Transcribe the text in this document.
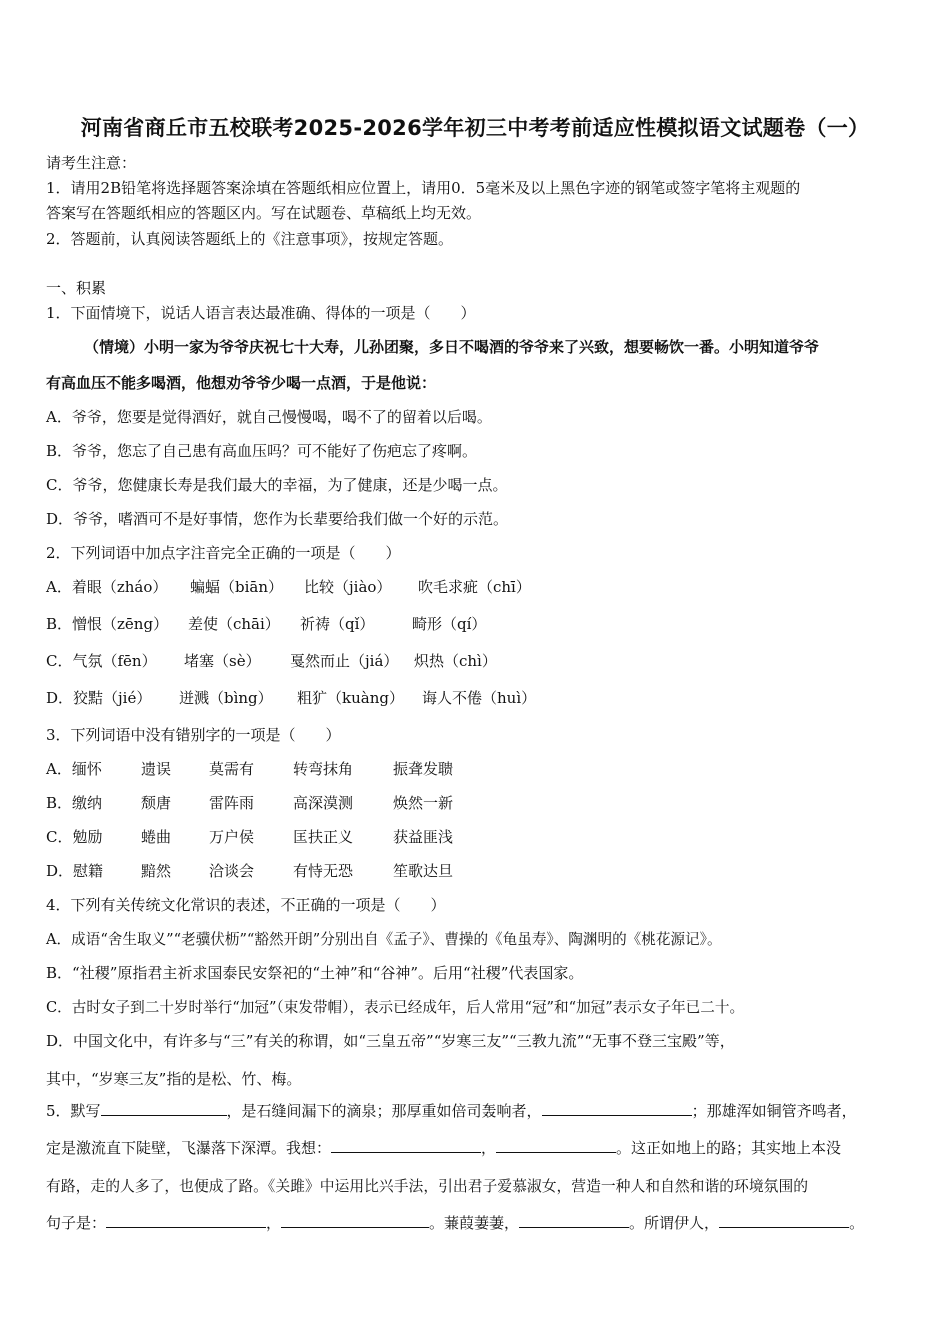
河南省商丘市五校联考2025-2026学年初三中考考前适应性模拟语文试题卷（一）
请考生注意：
1．请用2B铅笔将选择题答案涂填在答题纸相应位置上，请用0．5毫米及以上黑色字迹的钢笔或签字笔将主观题的
答案写在答题纸相应的答题区内。写在试题卷、草稿纸上均无效。
2．答题前，认真阅读答题纸上的《注意事项》，按规定答题。
一、积累
1．下面情境下，说话人语言表达最准确、得体的一项是（　　）
（情境）小明一家为爷爷庆祝七十大寿，儿孙团聚，多日不喝酒的爷爷来了兴致，想要畅饮一番。小明知道爷爷
有高血压不能多喝酒，他想劝爷爷少喝一点酒，于是他说：
A．爷爷，您要是觉得酒好，就自己慢慢喝，喝不了的留着以后喝。
B．爷爷，您忘了自己患有高血压吗？可不能好了伤疤忘了疼啊。
C．爷爷，您健康长寿是我们最大的幸福，为了健康，还是少喝一点。
D．爷爷，嗜酒可不是好事情，您作为长辈要给我们做一个好的示范。
2．下列词语中加点字注音完全正确的一项是（　　）
A．着眼（zháo） 蝙蝠（biān） 比较（jiào） 吹毛求疵（chī）
B．憎恨（zēng） 差使（chāi） 祈祷（qǐ）	畸形（qí）
C．气氛（fēn） 堵塞（sè） 戛然而止（jiá） 炽热（chì）
D．狡黠（jié） 迸溅（bìng） 粗犷（kuàng） 诲人不倦（huì）
3．下列词语中没有错别字的一项是（　　）
A．缅怀	遗误	莫需有	转弯抹角	振聋发聩
B．缴纳	颓唐	雷阵雨	高深漠测	焕然一新
C．勉励	蜷曲	万户侯	匡扶正义	获益匪浅
D．慰籍	黯然	洽谈会	有恃无恐	笙歌达旦
4．下列有关传统文化常识的表述，不正确的一项是（　　）
A．成语“舍生取义”“老骥伏枥”“豁然开朗”分别出自《孟子》、曹操的《龟虽寿》、陶渊明的《桃花源记》。
B．“社稷”原指君主祈求国泰民安祭祀的“土神”和“谷神”。后用“社稷”代表国家。
C．古时女子到二十岁时举行“加冠”（束发带帽），表示已经成年，后人常用“冠”和“加冠”表示女子年已二十。
D．中国文化中，有许多与“三”有关的称谓，如“三皇五帝”“岁寒三友”“三教九流”“无事不登三宝殿”等，
其中，“岁寒三友”指的是松、竹、梅。
5．默写	，是石缝间漏下的滴泉；那厚重如倍司轰响者，	；那雄浑如铜管齐鸣者，
定是激流直下陡壁，飞瀑落下深潭。我想：	，	。这正如地上的路；其实地上本没
有路，走的人多了，也便成了路。《关雎》中运用比兴手法，引出君子爱慕淑女，营造一种人和自然和谐的环境氛围的
句子是：	，	。蒹葭萋萋，	。所谓伊人，	。
